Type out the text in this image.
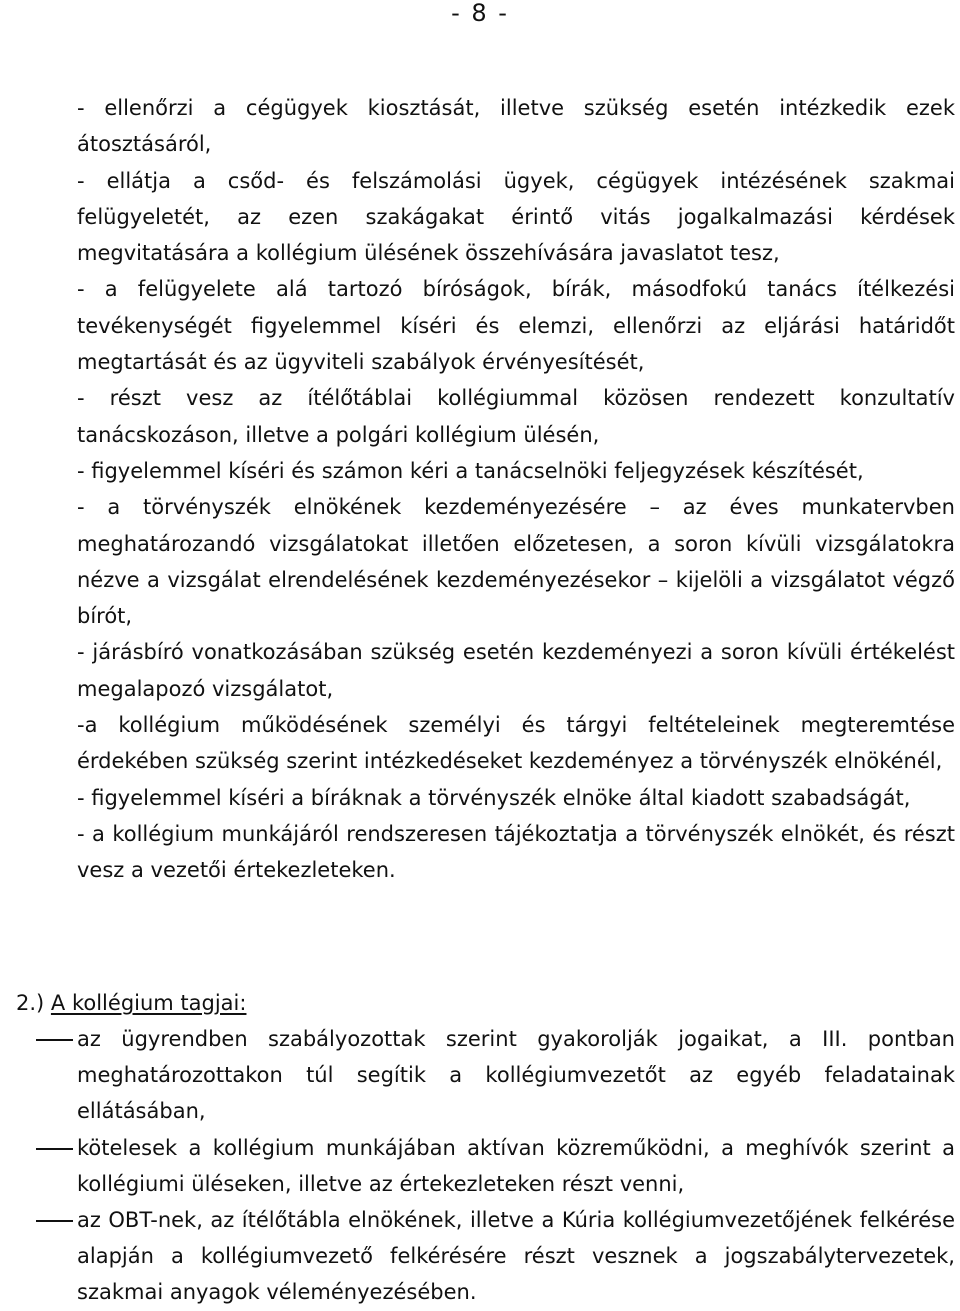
- 8 -

- ellenőrzi a cégügyek kiosztását, illetve szükség esetén intézkedik ezek átosztásáról,

- ellátja a csőd- és felszámolási ügyek, cégügyek intézésének szakmai felügyeletét, az ezen szakágakat érintő vitás jogalkalmazási kérdések megvitatására a kollégium ülésének összehívására javaslatot tesz,

- a felügyelete alá tartozó bíróságok, bírák, másodfokú tanács ítélkezési tevékenységét figyelemmel kíséri és elemzi, ellenőrzi az eljárási határidőt megtartását és az ügyviteli szabályok érvényesítését,

- részt vesz az ítélőtáblai kollégiummal közösen rendezett konzultatív tanácskozáson, illetve a polgári kollégium ülésén,

- figyelemmel kíséri és számon kéri a tanácselnöki feljegyzések készítését,

- a törvényszék elnökének kezdeményezésére – az éves munkatervben meghatározandó vizsgálatokat illetően előzetesen, a soron kívüli vizsgálatokra nézve a vizsgálat elrendelésének kezdeményezésekor – kijelöli a vizsgálatot végző bírót,

- járásbíró vonatkozásában szükség esetén kezdeményezi a soron kívüli értékelést megalapozó vizsgálatot,

-a kollégium működésének személyi és tárgyi feltételeinek megteremtése érdekében szükség szerint intézkedéseket kezdeményez a törvényszék elnökénél,

- figyelemmel kíséri a bíráknak a törvényszék elnöke által kiadott szabadságát,

- a kollégium munkájáról rendszeresen tájékoztatja a törvényszék elnökét, és részt vesz a vezetői értekezleteken.

2.) A kollégium tagjai:

az ügyrendben szabályozottak szerint gyakorolják jogaikat, a III. pontban meghatározottakon túl segítik a kollégiumvezetőt az egyéb feladatainak ellátásában,

kötelesek a kollégium munkájában aktívan közreműködni, a meghívók szerint a kollégiumi üléseken, illetve az értekezleteken részt venni,

az OBT-nek, az ítélőtábla elnökének, illetve a Kúria kollégiumvezetőjének felkérése alapján a kollégiumvezető felkérésére részt vesznek a jogszabálytervezetek, szakmai anyagok véleményezésében.
